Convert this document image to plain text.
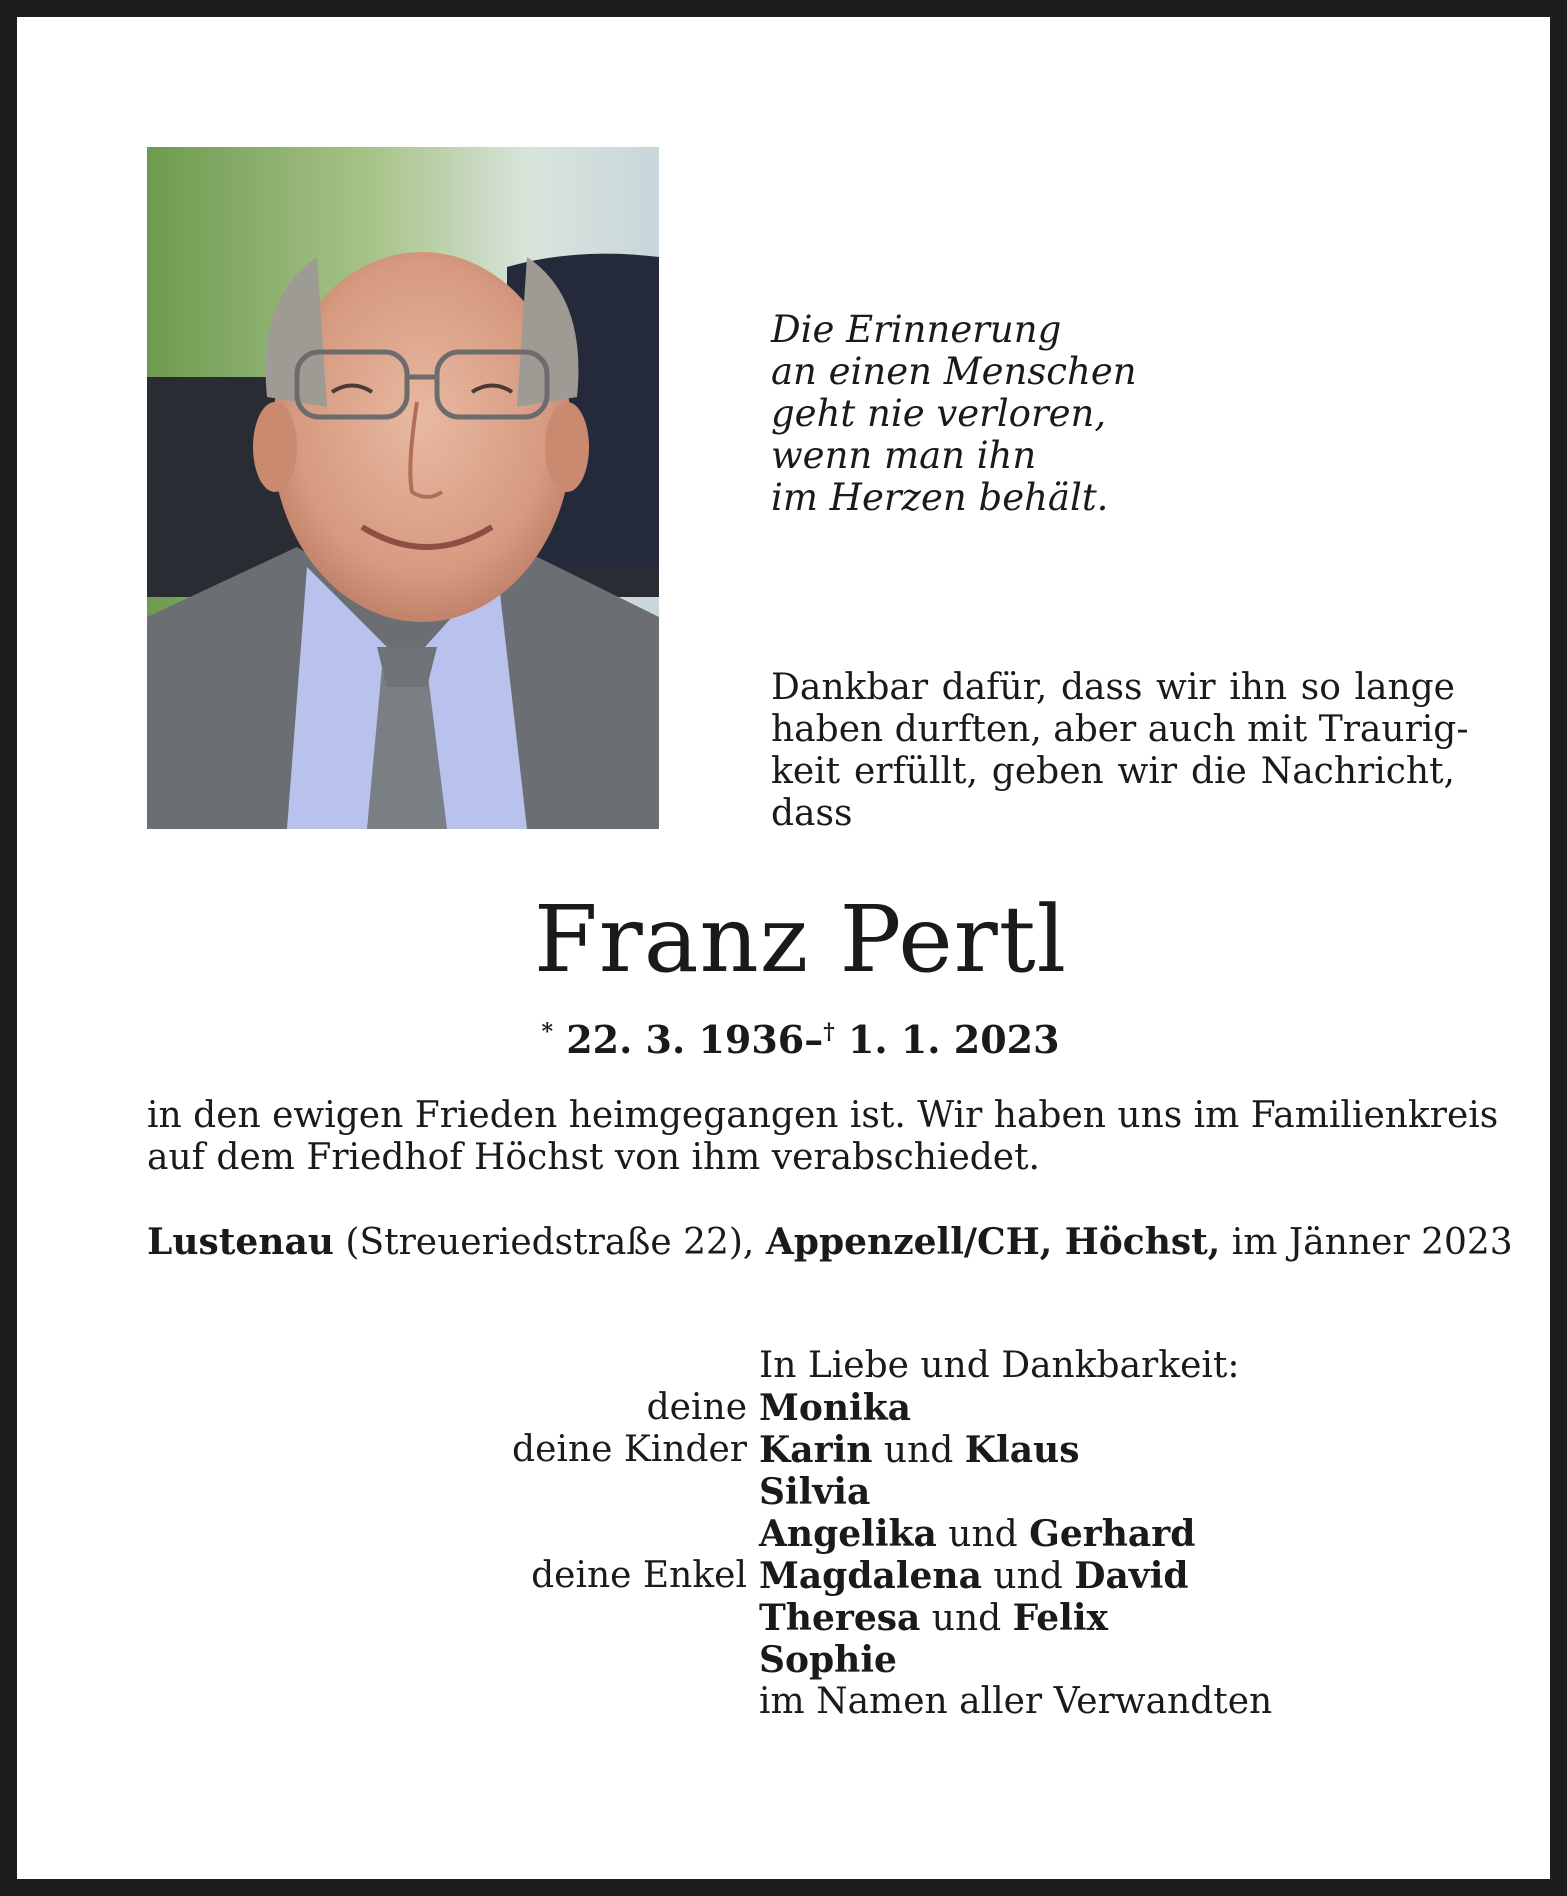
Die Erinnerung
an einen Menschen
geht nie verloren,
wenn man ihn
im Herzen behält.
Dankbar dafür, dass wir ihn so lange
haben durften, aber auch mit Traurig-
keit erfüllt, geben wir die Nachricht,
dass
Franz Pertl
* 22. 3. 1936–† 1. 1. 2023
in den ewigen Frieden heimgegangen ist. Wir haben uns im Familienkreis
auf dem Friedhof Höchst von ihm verabschiedet.
Lustenau (Streueriedstraße 22), Appenzell/CH, Höchst, im Jänner 2023
In Liebe und Dankbarkeit:
deine Monika
deine Kinder Karin und Klaus
Silvia
Angelika und Gerhard
deine Enkel Magdalena und David
Theresa und Felix
Sophie
im Namen aller Verwandten
